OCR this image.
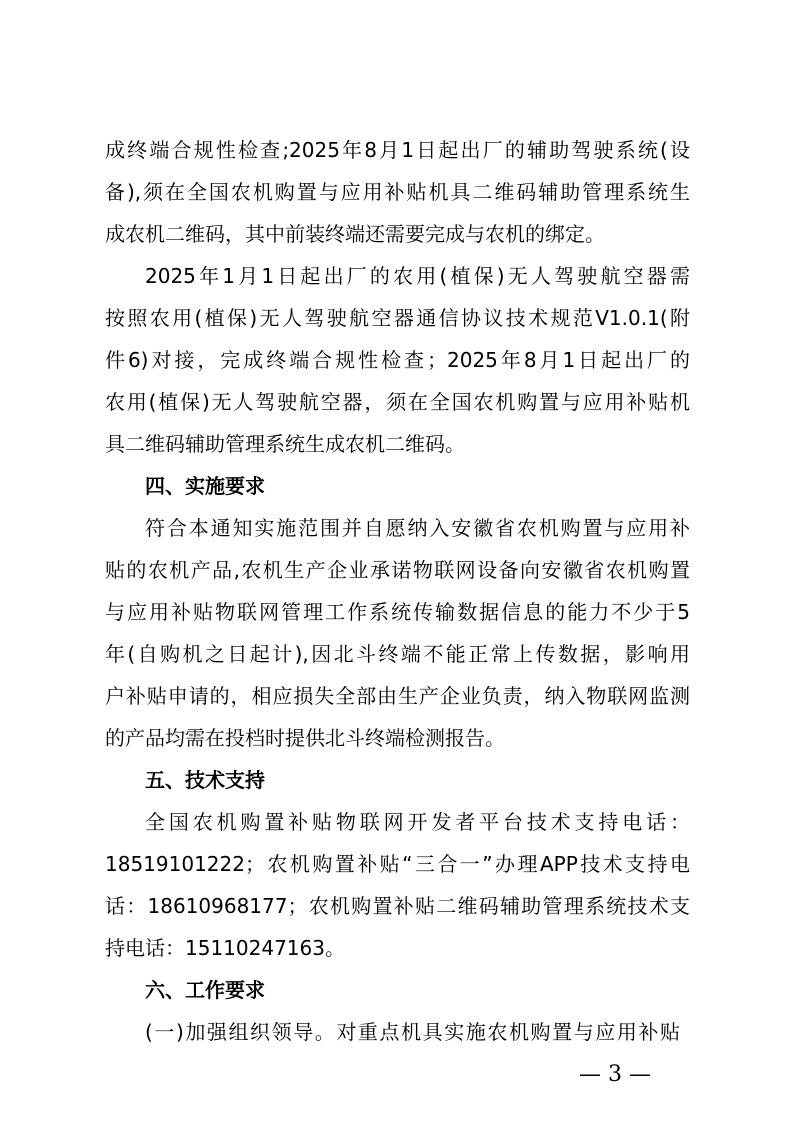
成终端合规性检查;2025年8月1日起出厂的辅助驾驶系统(设
备),须在全国农机购置与应用补贴机具二维码辅助管理系统生
成农机二维码，其中前装终端还需要完成与农机的绑定。
2025年1月1日起出厂的农用(植保)无人驾驶航空器需
按照农用(植保)无人驾驶航空器通信协议技术规范V1.0.1(附
件6)对接，完成终端合规性检查；2025年8月1日起出厂的
农用(植保)无人驾驶航空器，须在全国农机购置与应用补贴机
具二维码辅助管理系统生成农机二维码。
四、实施要求
符合本通知实施范围并自愿纳入安徽省农机购置与应用补
贴的农机产品,农机生产企业承诺物联网设备向安徽省农机购置
与应用补贴物联网管理工作系统传输数据信息的能力不少于5
年(自购机之日起计),因北斗终端不能正常上传数据，影响用
户补贴申请的，相应损失全部由生产企业负责，纳入物联网监测
的产品均需在投档时提供北斗终端检测报告。
五、技术支持
全国农机购置补贴物联网开发者平台技术支持电话：
18519101222；农机购置补贴“三合一”办理APP技术支持电
话：18610968177；农机购置补贴二维码辅助管理系统技术支
持电话：15110247163。
六、工作要求
(一)加强组织领导。对重点机具实施农机购置与应用补贴
— 3 —
